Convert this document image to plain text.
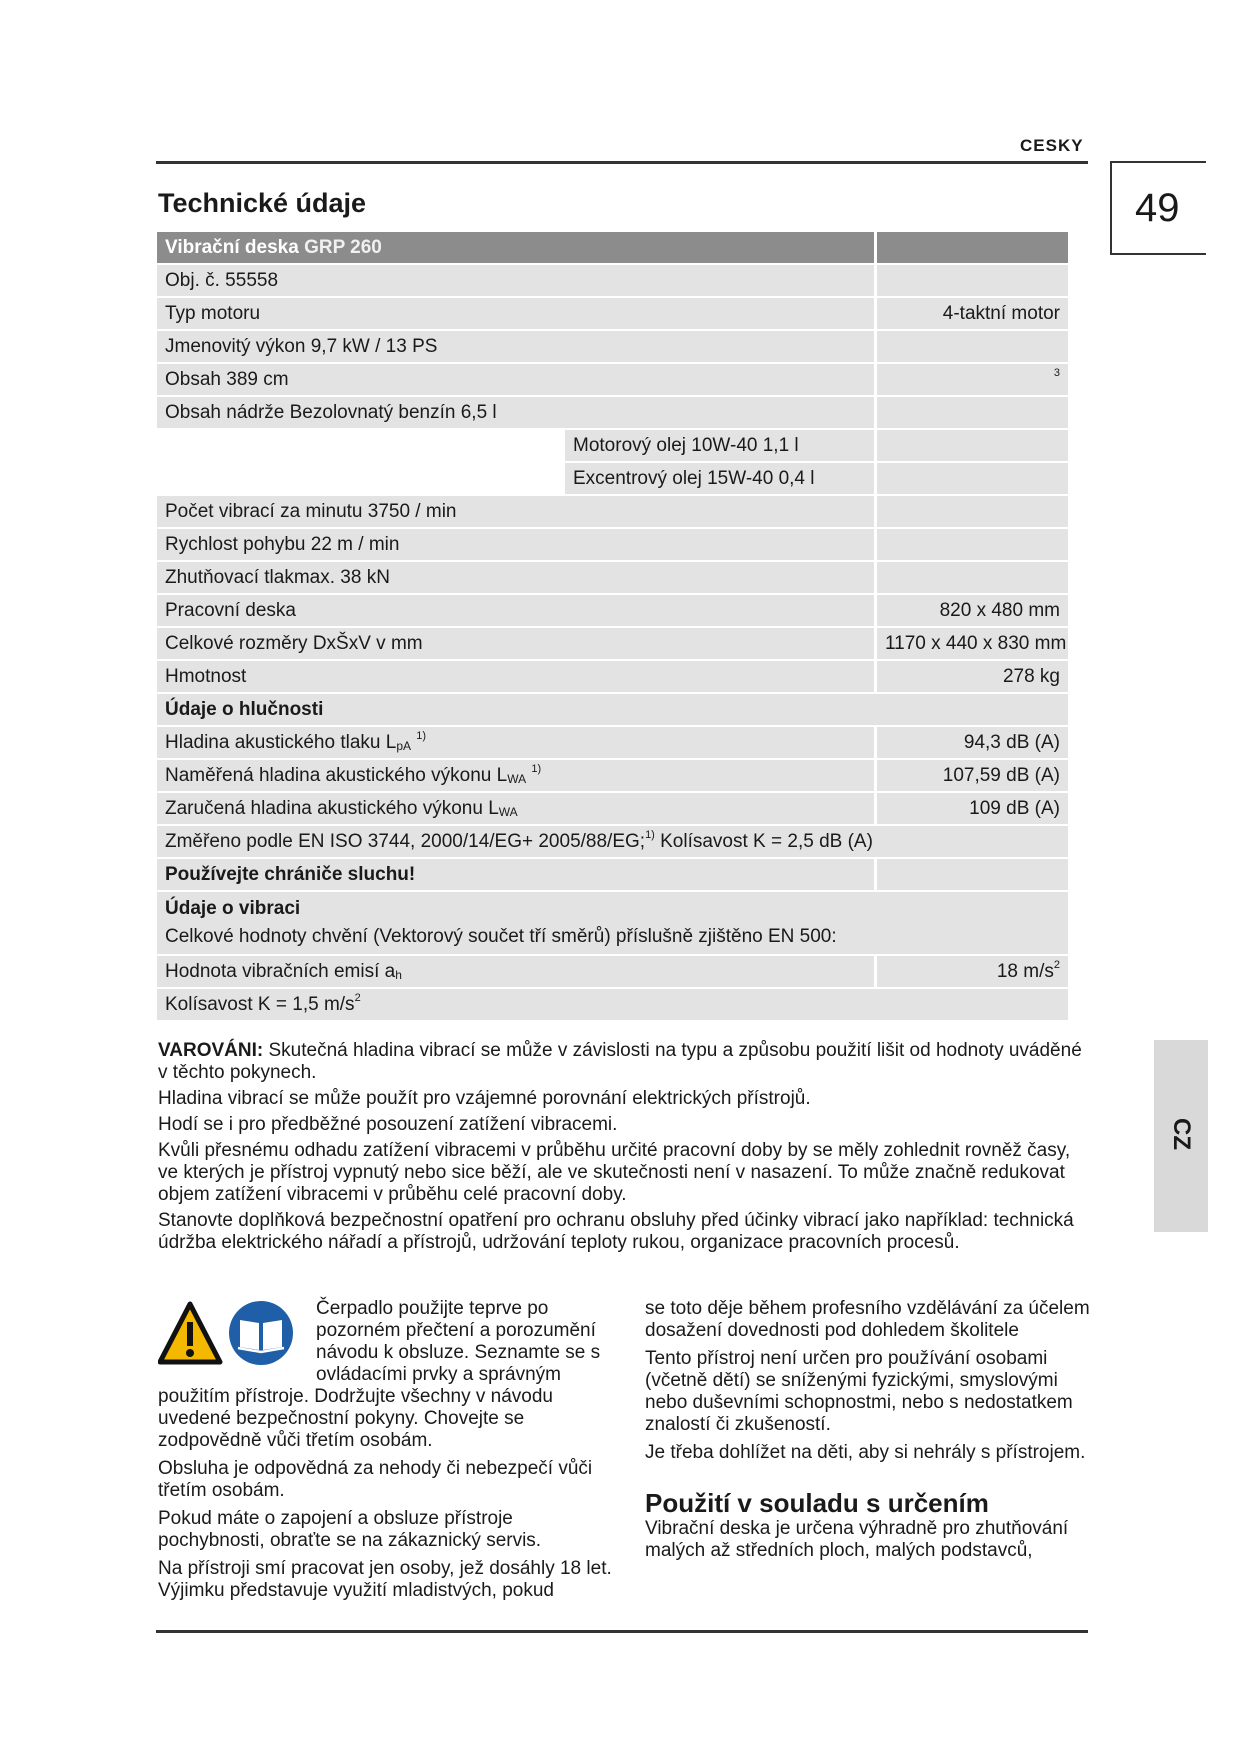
CESKY
49
CZ
Technické údaje
Vibrační deska GRP 260
Obj. č. 55558
Typ motoru	4-taktní motor
Jmenovitý výkon 9,7 kW / 13 PS
Obsah 389 cm	$^3$
Obsah nádrže Bezolovnatý benzín 6,5 l
Motorový olej 10W-40 1,1 l
Excentrový olej 15W-40 0,4 l
Počet vibrací za minutu 3750 / min
Rychlost pohybu 22 m / min
Zhutňovací tlakmax. 38 kN
Pracovní deska	820 x 480 mm
Celkové rozměry DxŠxV v mm	1170 x 440 x 830 mm
Hmotnost	278 kg
Údaje o hlučnosti
Hladina akustického tlaku $L_{pA}$ $^{1)}$	94,3 dB (A)
Naměřená hladina akustického výkonu $L_{WA}$ $^{1)}$	107,59 dB (A)
Zaručená hladina akustického výkonu $L_{WA}$	109 dB (A)
Změřeno podle EN ISO 3744, 2000/14/EG+ 2005/88/EG;$^{1)}$ Kolísavost K = 2,5 dB (A)
Používejte chrániče sluchu!
Údaje o vibraci
Celkové hodnoty chvění (Vektorový součet tří směrů) příslušně zjištěno EN 500:
Hodnota vibračních emisí $a_h$	18 $m/s^2$
Kolísavost K = 1,5 $m/s^2$

VAROVÁNI: Skutečná hladina vibrací se může v závislosti na typu a způsobu použití lišit od hodnoty uváděné v těchto pokynech.

Hladina vibrací se může použít pro vzájemné porovnání elektrických přístrojů.

Hodí se i pro předběžné posouzení zatížení vibracemi.

Kvůli přesnému odhadu zatížení vibracemi v průběhu určité pracovní doby by se měly zohlednit rovněž časy, ve kterých je přístroj vypnutý nebo sice běží, ale ve skutečnosti není v nasazení. To může značně redukovat objem zatížení vibracemi v průběhu celé pracovní doby.

Stanovte doplňková bezpečnostní opatření pro ochranu obsluhy před účinky vibrací jako například: technická údržba elektrického nářadí a přístrojů, udržování teploty rukou, organizace pracovních procesů.

Čerpadlo použijte teprve po pozorném přečtení a porozumění návodu k obsluze. Seznamte se s ovládacími prvky a správným použitím přístroje. Dodržujte všechny v návodu uvedené bezpečnostní pokyny. Chovejte se zodpovědně vůči třetím osobám.

Obsluha je odpovědná za nehody či nebezpečí vůči třetím osobám.

Pokud máte o zapojení a obsluze přístroje pochybnosti, obraťte se na zákaznický servis.

Na přístroji smí pracovat jen osoby, jež dosáhly 18 let. Výjimku představuje využití mladistvých, pokud

se toto děje během profesního vzdělávání za účelem dosažení dovednosti pod dohledem školitele

Tento přístroj není určen pro používání osobami (včetně dětí) se sníženými fyzickými, smyslovými nebo duševními schopnostmi, nebo s nedostatkem znalostí či zkušeností.

Je třeba dohlížet na děti, aby si nehrály s přístrojem.

Použití v souladu s určením

Vibrační deska je určena výhradně pro zhutňování malých až středních ploch, malých podstavců,
